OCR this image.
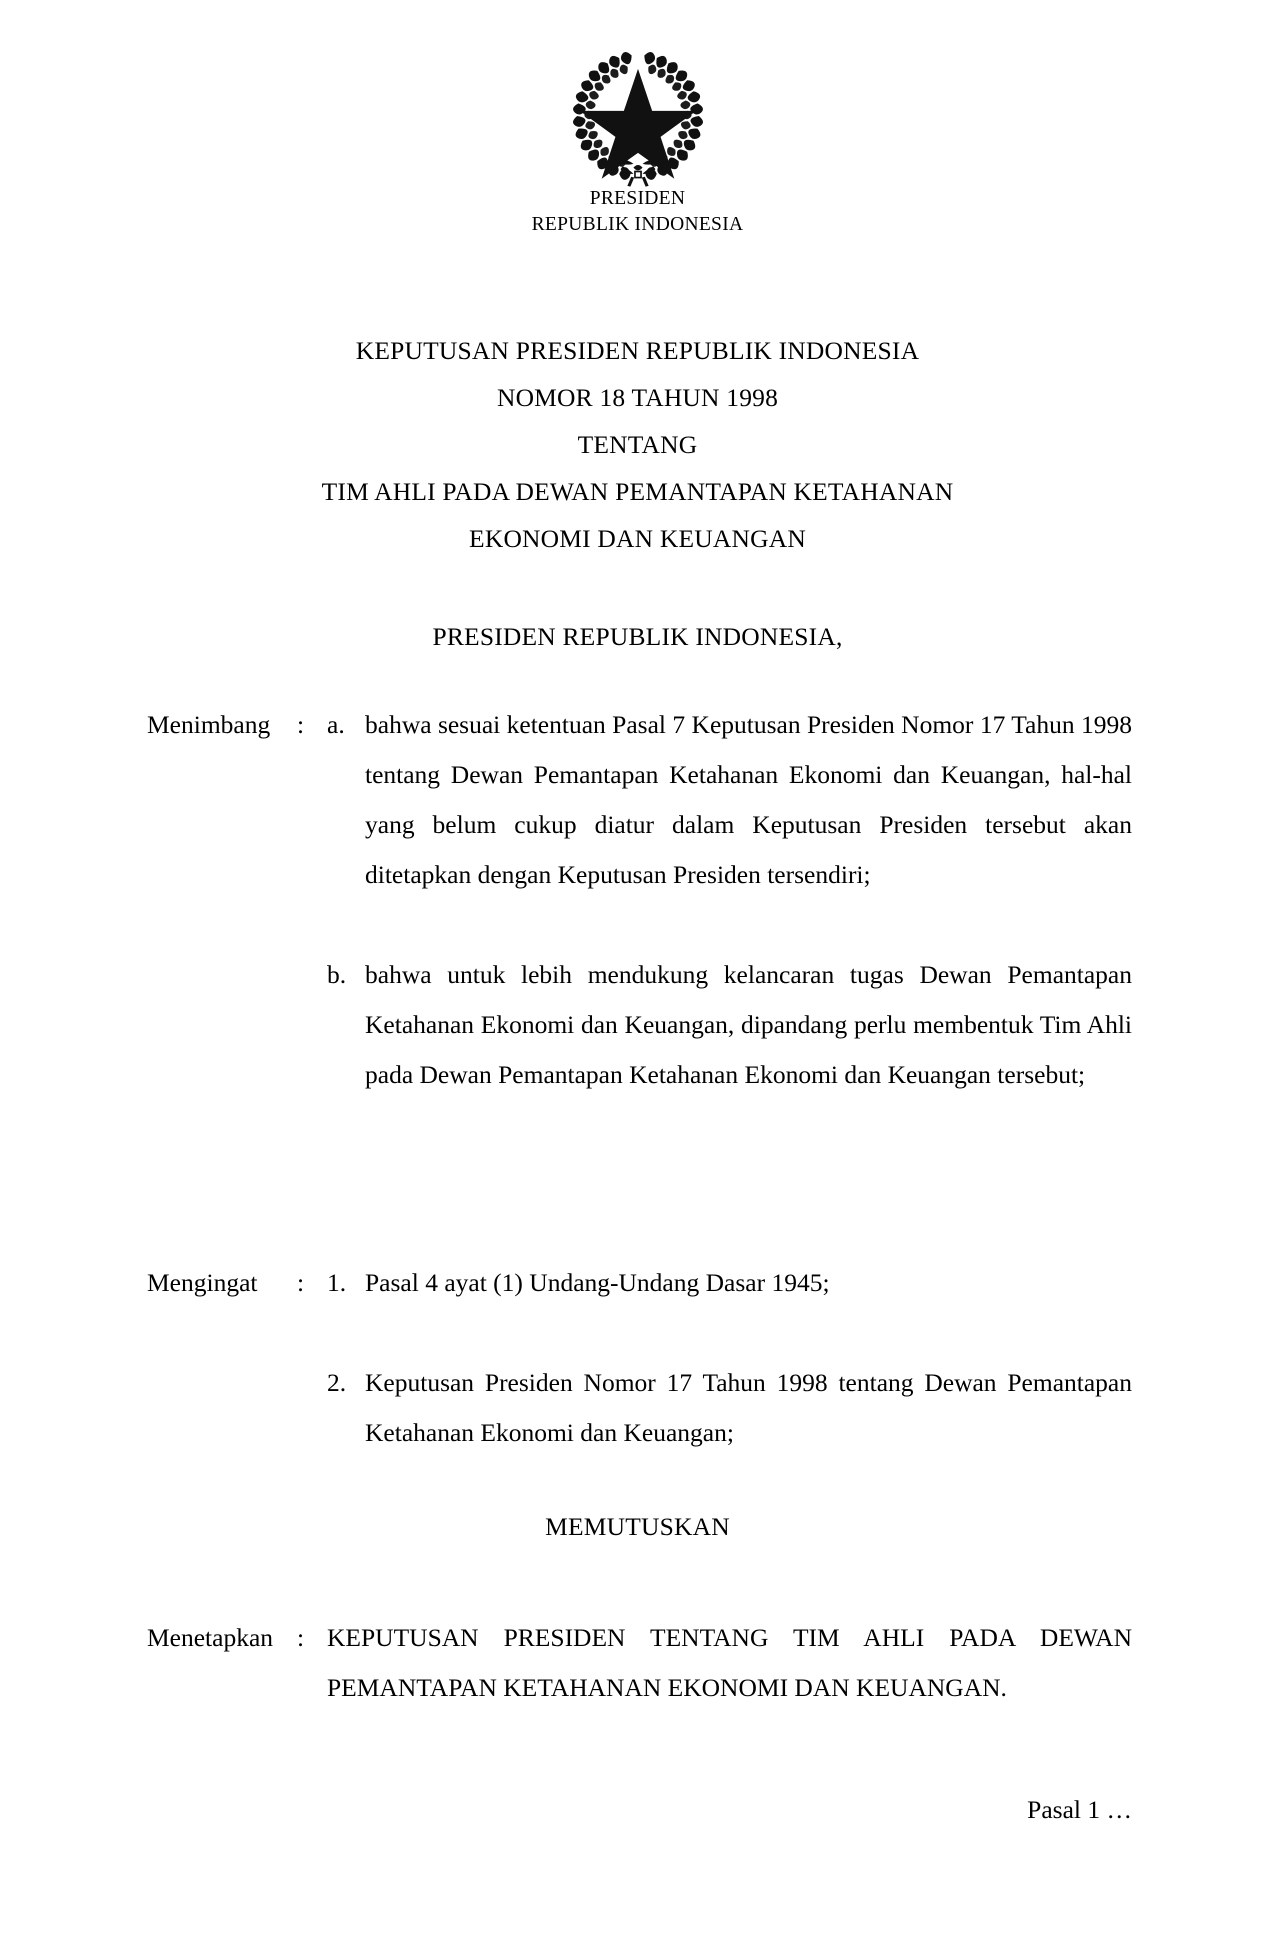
PRESIDEN
REPUBLIK INDONESIA
KEPUTUSAN PRESIDEN REPUBLIK INDONESIA
NOMOR 18 TAHUN 1998
TENTANG
TIM AHLI PADA DEWAN PEMANTAPAN KETAHANAN
EKONOMI DAN KEUANGAN
PRESIDEN REPUBLIK INDONESIA,
Menimbang	: a. bahwa sesuai ketentuan Pasal 7 Keputusan Presiden Nomor 17 Tahun 1998 tentang Dewan Pemantapan Ketahanan Ekonomi dan Keuangan, hal-hal yang belum cukup diatur dalam Keputusan Presiden tersebut akan ditetapkan dengan Keputusan Presiden tersendiri;
b. bahwa untuk lebih mendukung kelancaran tugas Dewan Pemantapan Ketahanan Ekonomi dan Keuangan, dipandang perlu membentuk Tim Ahli pada Dewan Pemantapan Ketahanan Ekonomi dan Keuangan tersebut;
Mengingat	: 1. Pasal 4 ayat (1) Undang-Undang Dasar 1945;
2. Keputusan Presiden Nomor 17 Tahun 1998 tentang Dewan Pemantapan Ketahanan Ekonomi dan Keuangan;
MEMUTUSKAN
Menetapkan : KEPUTUSAN PRESIDEN TENTANG TIM AHLI PADA DEWAN PEMANTAPAN KETAHANAN EKONOMI DAN KEUANGAN.
Pasal 1 …
